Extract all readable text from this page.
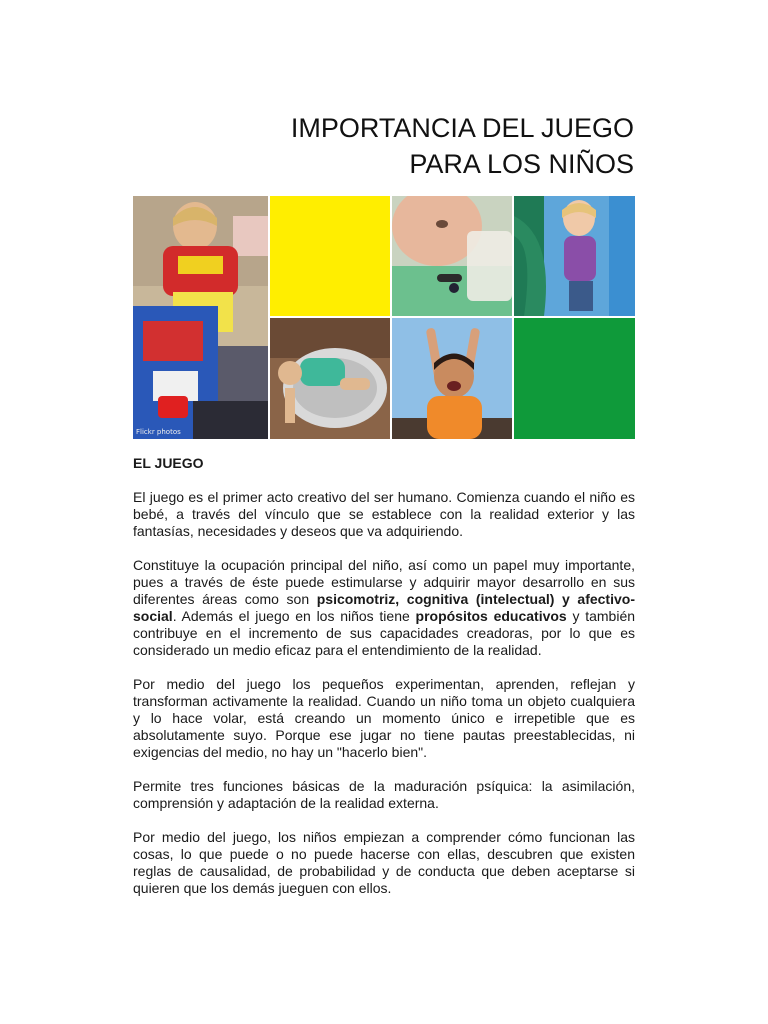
IMPORTANCIA DEL JUEGO
PARA LOS NIÑOS
Flickr photos
EL JUEGO

El juego es el primer acto creativo del ser humano. Comienza cuando el niño es bebé, a través del vínculo que se establece con la realidad exterior y las fantasías, necesidades y deseos que va adquiriendo.

Constituye la ocupación principal del niño, así como un papel muy importante, pues a través de éste puede estimularse y adquirir mayor desarrollo en sus diferentes áreas como son psicomotriz, cognitiva (intelectual) y afectivo-social. Además el juego en los niños tiene propósitos educativos y también contribuye en el incremento de sus capacidades creadoras, por lo que es considerado un medio eficaz para el entendimiento de la realidad.

Por medio del juego los pequeños experimentan, aprenden, reflejan y transforman activamente la realidad. Cuando un niño toma un objeto cualquiera y lo hace volar, está creando un momento único e irrepetible que es absolutamente suyo. Porque ese jugar no tiene pautas preestablecidas, ni exigencias del medio, no hay un "hacerlo bien".

Permite tres funciones básicas de la maduración psíquica: la asimilación, comprensión y adaptación de la realidad externa.

Por medio del juego, los niños empiezan a comprender cómo funcionan las cosas, lo que puede o no puede hacerse con ellas, descubren que existen reglas de causalidad, de probabilidad y de conducta que deben aceptarse si quieren que los demás jueguen con ellos.
